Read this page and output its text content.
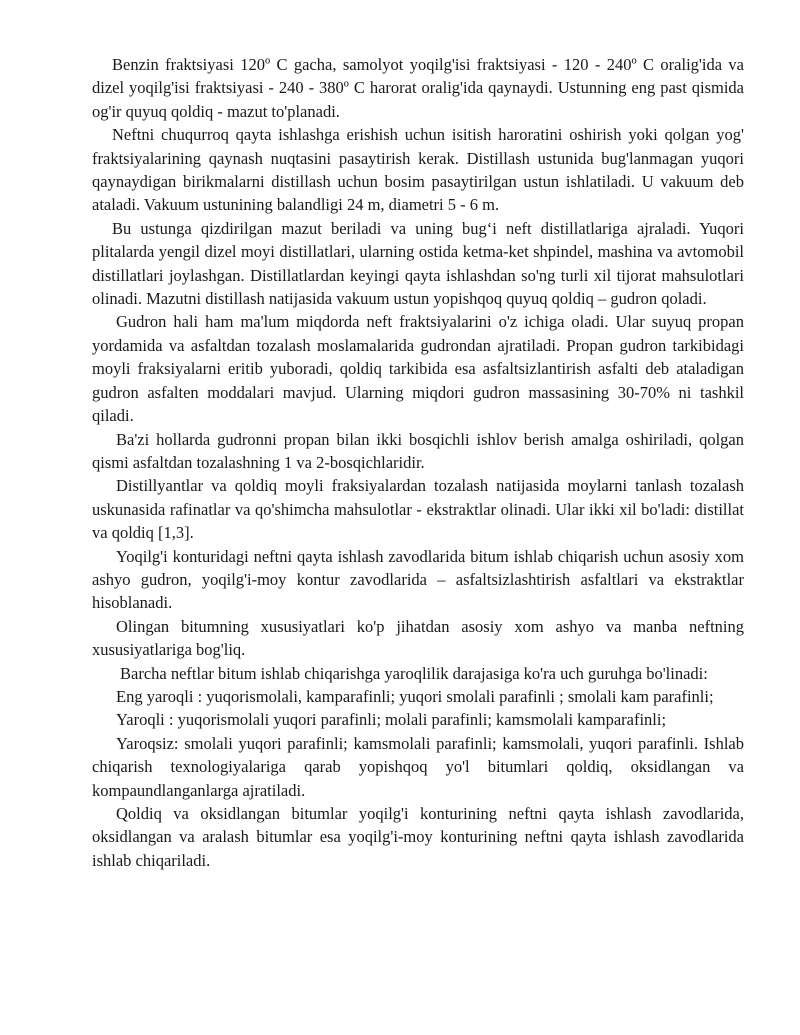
Benzin fraktsiyasi 120º C gacha, samolyot yoqilg'isi fraktsiyasi - 120 - 240º C oralig'ida va dizel yoqilg'isi fraktsiyasi - 240 - 380º C harorat oralig'ida qaynaydi. Ustunning eng past qismida og'ir quyuq qoldiq - mazut to'planadi.

Neftni chuqurroq qayta ishlashga erishish uchun isitish haroratini oshirish yoki qolgan yog' fraktsiyalarining qaynash nuqtasini pasaytirish kerak. Distillash ustunida bug'lanmagan yuqori qaynaydigan birikmalarni distillash uchun bosim pasaytirilgan ustun ishlatiladi. U vakuum deb ataladi. Vakuum ustunining balandligi 24 m, diametri 5 - 6 m.

Bu ustunga qizdirilgan mazut beriladi va uning bug‘i neft distillatlariga ajraladi. Yuqori plitalarda yengil dizel moyi distillatlari, ularning ostida ketma-ket shpindel, mashina va avtomobil distillatlari joylashgan. Distillatlardan keyingi qayta ishlashdan so'ng turli xil tijorat mahsulotlari olinadi. Mazutni distillash natijasida vakuum ustun yopishqoq quyuq qoldiq – gudron qoladi.

Gudron hali ham ma'lum miqdorda neft fraktsiyalarini o'z ichiga oladi. Ular suyuq propan yordamida va asfaltdan tozalash moslamalarida gudrondan ajratiladi. Propan gudron tarkibidagi moyli fraksiyalarni eritib yuboradi, qoldiq tarkibida esa asfaltsizlantirish asfalti deb ataladigan gudron asfalten moddalari mavjud. Ularning miqdori gudron massasining 30-70% ni tashkil qiladi.

Ba'zi hollarda gudronni propan bilan ikki bosqichli ishlov berish amalga oshiriladi, qolgan qismi asfaltdan tozalashning 1 va 2-bosqichlaridir.

Distillyantlar va qoldiq moyli fraksiyalardan tozalash natijasida moylarni tanlash tozalash uskunasida rafinatlar va qo'shimcha mahsulotlar - ekstraktlar olinadi. Ular ikki xil bo'ladi: distillat va qoldiq [1,3].

Yoqilg'i konturidagi neftni qayta ishlash zavodlarida bitum ishlab chiqarish uchun asosiy xom ashyo gudron, yoqilg'i-moy kontur zavodlarida – asfaltsizlashtirish asfaltlari va ekstraktlar hisoblanadi.

Olingan bitumning xususiyatlari ko'p jihatdan asosiy xom ashyo va manba neftning xususiyatlariga bog'liq.

Barcha neftlar bitum ishlab chiqarishga yaroqlilik darajasiga ko'ra uch guruhga bo'linadi:

Eng yaroqli : yuqorismolali, kamparafinli; yuqori smolali parafinli ; smolali kam parafinli;

Yaroqli : yuqorismolali yuqori parafinli; molali parafinli; kamsmolali kamparafinli;

Yaroqsiz: smolali yuqori parafinli; kamsmolali parafinli; kamsmolali, yuqori parafinli. Ishlab chiqarish texnologiyalariga qarab yopishqoq yo'l bitumlari qoldiq, oksidlangan va kompaundlanganlarga ajratiladi.

Qoldiq va oksidlangan bitumlar yoqilg'i konturining neftni qayta ishlash zavodlarida, oksidlangan va aralash bitumlar esa yoqilg'i-moy konturining neftni qayta ishlash zavodlarida ishlab chiqariladi.
